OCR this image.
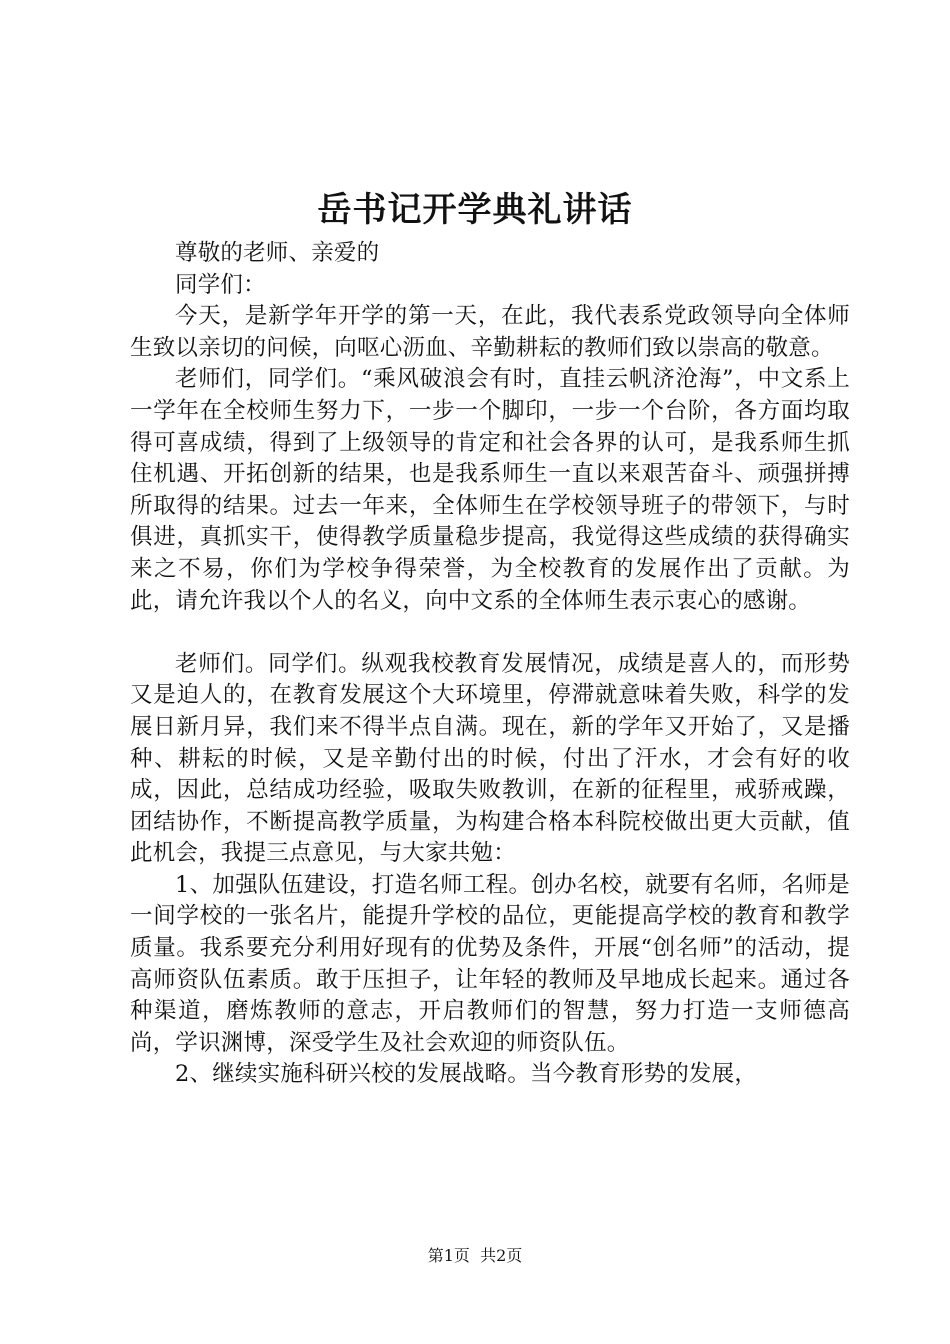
岳书记开学典礼讲话

尊敬的老师、亲爱的

同学们：

今天，是新学年开学的第一天，在此，我代表系党政领导向全体师生致以亲切的问候，向呕心沥血、辛勤耕耘的教师们致以崇高的敬意。

老师们，同学们。“乘风破浪会有时，直挂云帆济沧海”，中文系上一学年在全校师生努力下，一步一个脚印，一步一个台阶，各方面均取得可喜成绩，得到了上级领导的肯定和社会各界的认可，是我系师生抓住机遇、开拓创新的结果，也是我系师生一直以来艰苦奋斗、顽强拼搏所取得的结果。过去一年来，全体师生在学校领导班子的带领下，与时俱进，真抓实干，使得教学质量稳步提高，我觉得这些成绩的获得确实来之不易，你们为学校争得荣誉，为全校教育的发展作出了贡献。为此，请允许我以个人的名义，向中文系的全体师生表示衷心的感谢。

老师们。同学们。纵观我校教育发展情况，成绩是喜人的，而形势又是迫人的，在教育发展这个大环境里，停滞就意味着失败，科学的发展日新月异，我们来不得半点自满。现在，新的学年又开始了，又是播种、耕耘的时候，又是辛勤付出的时候，付出了汗水，才会有好的收成，因此，总结成功经验，吸取失败教训，在新的征程里，戒骄戒躁，团结协作，不断提高教学质量，为构建合格本科院校做出更大贡献，值此机会，我提三点意见，与大家共勉：

1、加强队伍建设，打造名师工程。创办名校，就要有名师，名师是一间学校的一张名片，能提升学校的品位，更能提高学校的教育和教学质量。我系要充分利用好现有的优势及条件，开展“创名师”的活动，提高师资队伍素质。敢于压担子，让年轻的教师及早地成长起来。通过各种渠道，磨炼教师的意志，开启教师们的智慧，努力打造一支师德高尚，学识渊博，深受学生及社会欢迎的师资队伍。

2、继续实施科研兴校的发展战略。当今教育形势的发展，

第1页 共2页
